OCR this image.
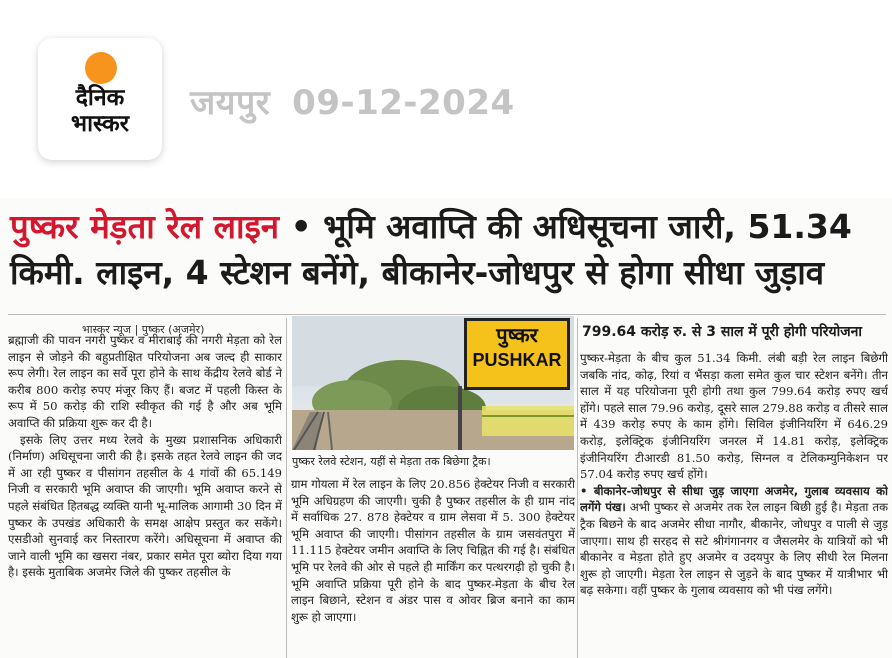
दैनिक
भास्कर
जयपुर 09-12-2024
पुष्कर मेड़ता रेल लाइन • भूमि अवाप्ति की अधिसूचना जारी, 51.34
किमी. लाइन, 4 स्टेशन बनेंगे, बीकानेर-जोधपुर से होगा सीधा जुड़ाव
भास्कर न्यूज | पुष्कर (अजमेर)

ब्रह्माजी की पावन नगरी पुष्कर व मीराबाई की नगरी मेड़ता को रेल लाइन से जोड़ने की बहुप्रतीक्षित परियोजना अब जल्द ही साकार रूप लेगी। रेल लाइन का सर्वे पूरा होने के साथ केंद्रीय रेलवे बोर्ड ने करीब 800 करोड़ रुपए मंजूर किए हैं। बजट में पहली किस्त के रूप में 50 करोड़ की राशि स्वीकृत की गई है और अब भूमि अवाप्ति की प्रक्रिया शुरू कर दी है।

इसके लिए उत्तर मध्य रेलवे के मुख्य प्रशासनिक अधिकारी (निर्माण) अधिसूचना जारी की है। इसके तहत रेलवे लाइन की जद में आ रही पुष्कर व पीसांगन तहसील के 4 गांवों की 65.149 निजी व सरकारी भूमि अवाप्त की जाएगी। भूमि अवाप्त करने से पहले संबंधित हितबद्ध व्यक्ति यानी भू-मालिक आगामी 30 दिन में पुष्कर के उपखंड अधिकारी के समक्ष आक्षेप प्रस्तुत कर सकेंगे। एसडीओ सुनवाई कर निस्तारण करेंगे। अधिसूचना में अवाप्त की जाने वाली भूमि का खसरा नंबर, प्रकार समेत पूरा ब्योरा दिया गया है। इसके मुताबिक अजमेर जिले की पुष्कर तहसील के

पुष्कर
PUSHKAR
पुष्कर रेलवे स्टेशन, यहीं से मेड़ता तक बिछेगा ट्रैक।

ग्राम गोयला में रेल लाइन के लिए 20.856 हेक्टेयर निजी व सरकारी भूमि अधिग्रहण की जाएगी। चुकी है पुष्कर तहसील के ही ग्राम नांद में सर्वाधिक 27. 878 हेक्टेयर व ग्राम लेसवा में 5. 300 हेक्टेयर भूमि अवाप्त की जाएगी। पीसांगन तहसील के ग्राम जसवंतपुरा में 11.115 हेक्टेयर जमीन अवाप्ति के लिए चिह्नित की गई है। संबंधित भूमि पर रेलवे की ओर से पहले ही मार्किंग कर पत्थरगढ़ी हो चुकी है। भूमि अवाप्ति प्रक्रिया पूरी होने के बाद पुष्कर-मेड़ता के बीच रेल लाइन बिछाने, स्टेशन व अंडर पास व ओवर ब्रिज बनाने का काम शुरू हो जाएगा।

799.64 करोड़ रु. से 3 साल में पूरी होगी परियोजना

पुष्कर-मेड़ता के बीच कुल 51.34 किमी. लंबी बड़ी रेल लाइन बिछेगी जबकि नांद, कोढ़, रियां व भैंसड़ा कला समेत कुल चार स्टेशन बनेंगे। तीन साल में यह परियोजना पूरी होगी तथा कुल 799.64 करोड़ रुपए खर्च होंगे। पहले साल 79.96 करोड़, दूसरे साल 279.88 करोड़ व तीसरे साल में 439 करोड़ रुपए के काम होंगे। सिविल इंजीनियरिंग में 646.29 करोड़, इलेक्ट्रिक इंजीनियरिंग जनरल में 14.81 करोड़, इलेक्ट्रिक इंजीनियरिंग टीआरडी 81.50 करोड़, सिग्नल व टेलिकम्युनिकेशन पर 57.04 करोड़ रुपए खर्च होंगे।

• बीकानेर-जोधपुर से सीधा जुड़ जाएगा अजमेर, गुलाब व्यवसाय को लगेंगे पंख। अभी पुष्कर से अजमेर तक रेल लाइन बिछी हुई है। मेड़ता तक ट्रैक बिछने के बाद अजमेर सीधा नागौर, बीकानेर, जोधपुर व पाली से जुड़ जाएगा। साथ ही सरहद से सटे श्रीगंगानगर व जैसलमेर के यात्रियों को भी बीकानेर व मेड़ता होते हुए अजमेर व उदयपुर के लिए सीधी रेल मिलना शुरू हो जाएगी। मेड़ता रेल लाइन से जुड़ने के बाद पुष्कर में यात्रीभार भी बढ़ सकेगा। वहीं पुष्कर के गुलाब व्यवसाय को भी पंख लगेंगे।
